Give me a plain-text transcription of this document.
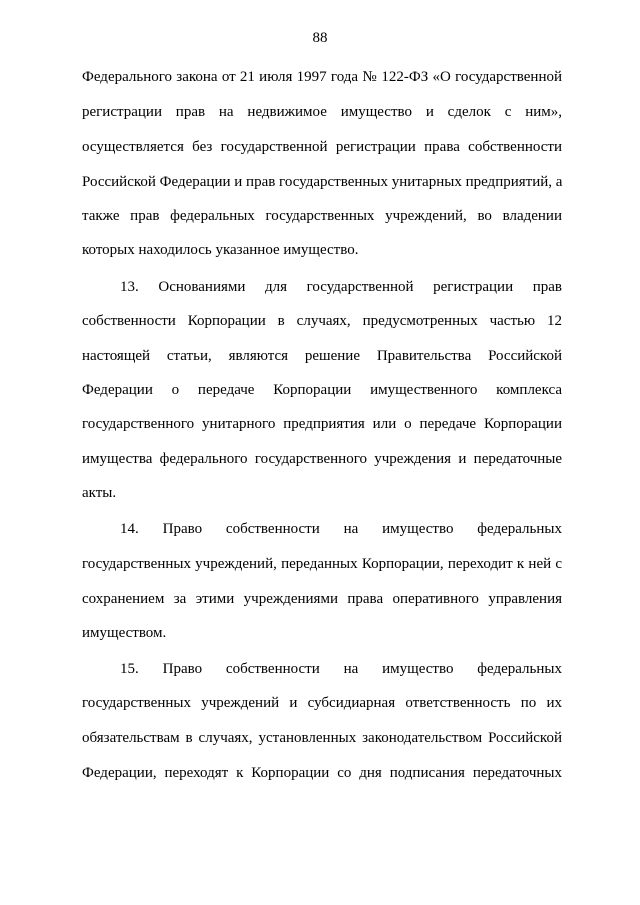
88
Федерального закона от 21 июля 1997 года № 122-ФЗ «О государственной
регистрации прав на недвижимое имущество и сделок с ним»,
осуществляется без государственной регистрации права собственности
Российской Федерации и прав государственных унитарных предприятий, а
также прав федеральных государственных учреждений, во владении
которых находилось указанное имущество.
13. Основаниями для государственной регистрации прав
собственности Корпорации в случаях, предусмотренных частью 12
настоящей статьи, являются решение Правительства Российской
Федерации о передаче Корпорации имущественного комплекса
государственного унитарного предприятия или о передаче Корпорации
имущества федерального государственного учреждения и передаточные
акты.
14. Право собственности на имущество федеральных
государственных учреждений, переданных Корпорации, переходит к ней с
сохранением за этими учреждениями права оперативного управления
имуществом.
15. Право собственности на имущество федеральных
государственных учреждений и субсидиарная ответственность по их
обязательствам в случаях, установленных законодательством Российской
Федерации, переходят к Корпорации со дня подписания передаточных
